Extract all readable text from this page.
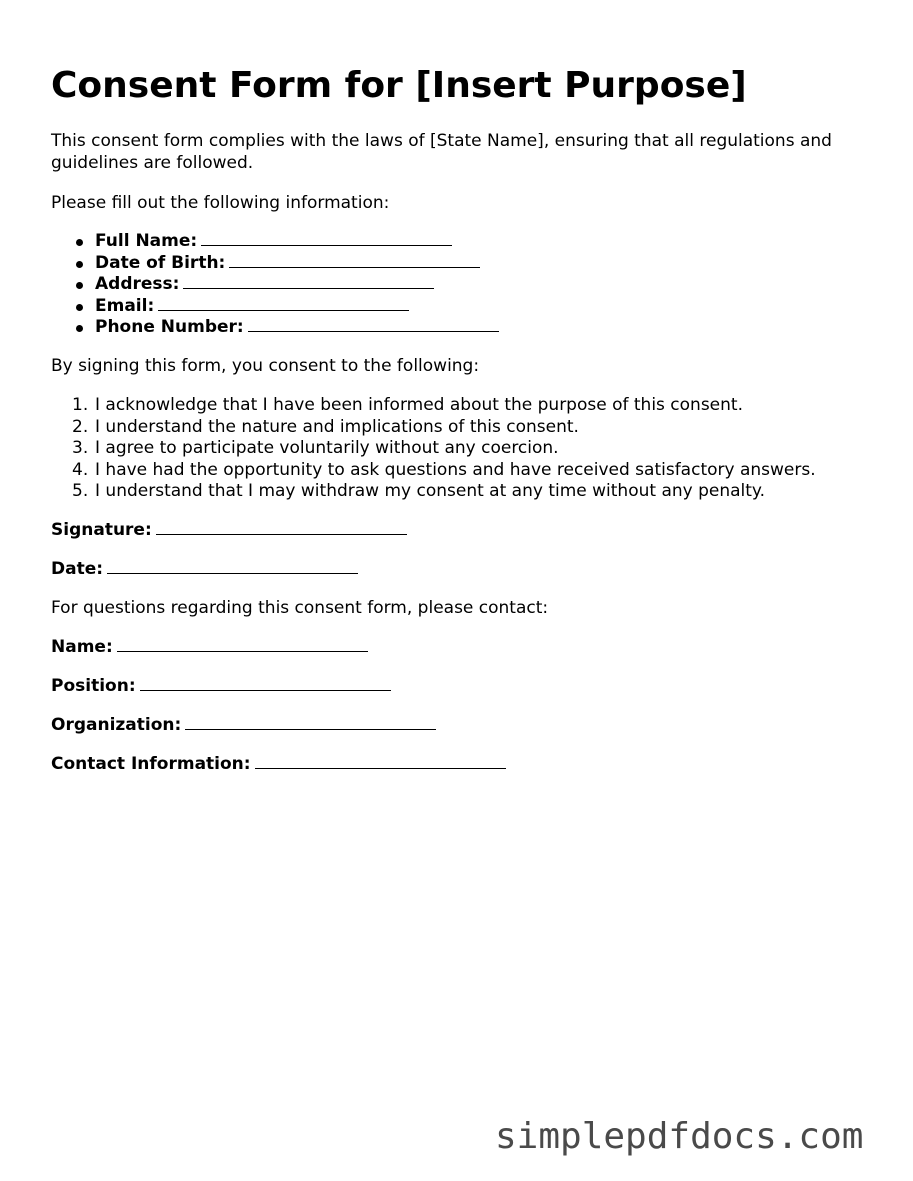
Consent Form for [Insert Purpose]

This consent form complies with the laws of [State Name], ensuring that all regulations and guidelines are followed.

Please fill out the following information:

Full Name:
Date of Birth:
Address:
Email:
Phone Number:

By signing this form, you consent to the following:

1. I acknowledge that I have been informed about the purpose of this consent.
2. I understand the nature and implications of this consent.
3. I agree to participate voluntarily without any coercion.
4. I have had the opportunity to ask questions and have received satisfactory answers.
5. I understand that I may withdraw my consent at any time without any penalty.

Signature:

Date:

For questions regarding this consent form, please contact:

Name:

Position:

Organization:

Contact Information:

simplepdfdocs.com
